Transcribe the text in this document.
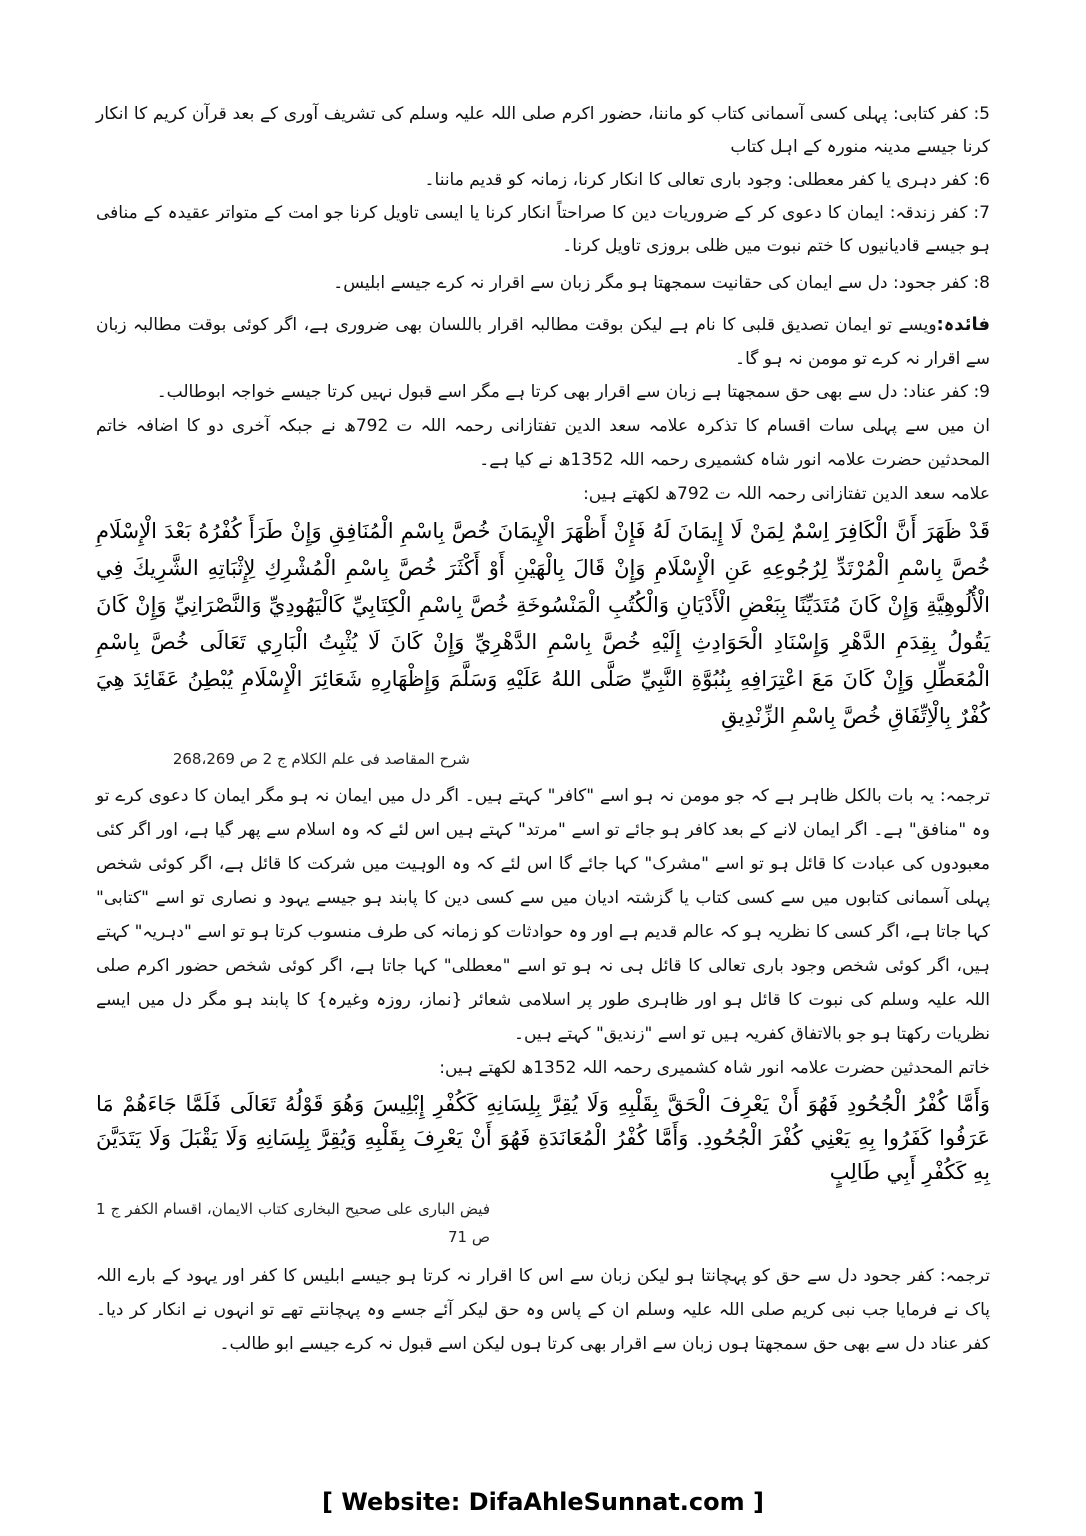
5: کفر کتابی: پہلی کسی آسمانی کتاب کو ماننا، حضور اکرم صلی اللہ علیہ وسلم کی تشریف آوری کے بعد قرآن کریم کا انکار کرنا جیسے مدینہ منورہ کے اہل کتاب

6: کفر دہری یا کفر معطلی: وجود باری تعالی کا انکار کرنا، زمانہ کو قدیم ماننا۔

7: کفر زندقہ: ایمان کا دعوی کر کے ضروریات دین کا صراحتاً انکار کرنا یا ایسی تاویل کرنا جو امت کے متواتر عقیدہ کے منافی ہو جیسے قادیانیوں کا ختم نبوت میں ظلی بروزی تاویل کرنا۔

8: کفر جحود: دل سے ایمان کی حقانیت سمجھتا ہو مگر زبان سے اقرار نہ کرے جیسے ابلیس۔

فائدہ:ویسے تو ایمان تصدیق قلبی کا نام ہے لیکن بوقت مطالبہ اقرار باللسان بھی ضروری ہے، اگر کوئی بوقت مطالبہ زبان سے اقرار نہ کرے تو مومن نہ ہو گا۔

9: کفر عناد: دل سے بھی حق سمجھتا ہے زبان سے اقرار بھی کرتا ہے مگر اسے قبول نہیں کرتا جیسے خواجہ ابوطالب۔

ان میں سے پہلی سات اقسام کا تذکرہ علامہ سعد الدین تفتازانی رحمہ اللہ ت 792ھ نے جبکہ آخری دو کا اضافہ خاتم المحدثین حضرت علامہ انور شاہ کشمیری رحمہ اللہ 1352ھ نے کیا ہے۔

علامہ سعد الدین تفتازانی رحمہ اللہ ت 792ھ لکھتے ہیں:

قَدْ ظَهَرَ أَنَّ الْكَافِرَ اِسْمٌ لِمَنْ لَا إِيمَانَ لَهُ فَإِنْ أَظْهَرَ الْإِيمَانَ خُصَّ بِاسْمِ الْمُنَافِقِ وَإِنْ طَرَأَ كُفْرُهُ بَعْدَ الْإِسْلَامِ خُصَّ بِاسْمِ الْمُرْتَدِّ لِرُجُوعِهِ عَنِ الْإِسْلَامِ وَإِنْ قَالَ بِالْهَيْنِ أَوْ أَكْثَرَ خُصَّ بِاسْمِ الْمُشْرِكِ لِإِثْبَاتِهِ الشَّرِيكَ فِي الْأُلُوهِيَّةِ وَإِنْ كَانَ مُتَدَيِّنًا بِبَعْضِ الْأَدْيَانِ وَالْكُتُبِ الْمَنْسُوخَةِ خُصَّ بِاسْمِ الْكِتَابِيِّ كَالْيَهُودِيِّ وَالنَّصْرَانِيِّ وَإِنْ كَانَ يَقُولُ بِقِدَمِ الدَّهْرِ وَإِسْنَادِ الْحَوَادِثِ إِلَيْهِ خُصَّ بِاسْمِ الدَّهْرِيِّ وَإِنْ كَانَ لَا يُثْبِتُ الْبَارِي تَعَالَى خُصَّ بِاسْمِ الْمُعَطِّلِ وَإِنْ كَانَ مَعَ اعْتِرَافِهِ بِنُبُوَّةِ النَّبِيِّ صَلَّى اللهُ عَلَيْهِ وَسَلَّمَ وَإِظْهَارِهِ شَعَائِرَ الْإِسْلَامِ يُبْطِنُ عَقَائِدَ هِيَ كُفْرٌ بِالْاِتِّفَاقِ خُصَّ بِاسْمِ الزِّنْدِيقِ

شرح المقاصد فی علم الکلام ج 2 ص 268،269

ترجمہ: یہ بات بالکل ظاہر ہے کہ جو مومن نہ ہو اسے "کافر" کہتے ہیں۔ اگر دل میں ایمان نہ ہو مگر ایمان کا دعوی کرے تو وہ "منافق" ہے۔ اگر ایمان لانے کے بعد کافر ہو جائے تو اسے "مرتد" کہتے ہیں اس لئے کہ وہ اسلام سے پھر گیا ہے، اور اگر کئی معبودوں کی عبادت کا قائل ہو تو اسے "مشرک" کہا جائے گا اس لئے کہ وہ الوہیت میں شرکت کا قائل ہے، اگر کوئی شخص پہلی آسمانی کتابوں میں سے کسی کتاب یا گزشتہ ادیان میں سے کسی دین کا پابند ہو جیسے یہود و نصاری تو اسے "کتابی" کہا جاتا ہے، اگر کسی کا نظریہ ہو کہ عالم قدیم ہے اور وہ حوادثات کو زمانہ کی طرف منسوب کرتا ہو تو اسے "دہریہ" کہتے ہیں، اگر کوئی شخص وجود باری تعالی کا قائل ہی نہ ہو تو اسے "معطلی" کہا جاتا ہے، اگر کوئی شخص حضور اکرم صلی اللہ علیہ وسلم کی نبوت کا قائل ہو اور ظاہری طور پر اسلامی شعائر {نماز، روزہ وغیرہ} کا پابند ہو مگر دل میں ایسے نظریات رکھتا ہو جو بالاتفاق کفریہ ہیں تو اسے "زندیق" کہتے ہیں۔

خاتم المحدثین حضرت علامہ انور شاہ کشمیری رحمہ اللہ 1352ھ لکھتے ہیں:

وَأَمَّا كُفْرُ الْجُحُودِ فَهُوَ أَنْ يَعْرِفَ الْحَقَّ بِقَلْبِهِ وَلَا يُقِرَّ بِلِسَانِهِ كَكُفْرِ إِبْلِيسَ وَهُوَ قَوْلُهُ تَعَالَى فَلَمَّا جَاءَهُمْ مَا عَرَفُوا كَفَرُوا بِهِ يَعْنِي كُفْرَ الْجُحُودِ. وَأَمَّا كُفْرُ الْمُعَانَدَةِ فَهُوَ أَنْ يَعْرِفَ بِقَلْبِهِ وَيُقِرَّ بِلِسَانِهِ وَلَا يَقْبَلَ وَلَا يَتَدَيَّنَ بِهِ كَكُفْرِ أَبِي طَالِبٍ

فیض الباری علی صحیح البخاری کتاب الایمان، اقسام الکفر ج 1 ص 71

ترجمہ: کفر جحود دل سے حق کو پہچانتا ہو لیکن زبان سے اس کا اقرار نہ کرتا ہو جیسے ابلیس کا کفر اور یہود کے بارے اللہ پاک نے فرمایا جب نبی کریم صلی اللہ علیہ وسلم ان کے پاس وہ حق لیکر آئے جسے وہ پہچانتے تھے تو انہوں نے انکار کر دیا۔ کفر عناد دل سے بھی حق سمجھتا ہوں زبان سے اقرار بھی کرتا ہوں لیکن اسے قبول نہ کرے جیسے ابو طالب۔

[ Website: DifaAhleSunnat.com ]
